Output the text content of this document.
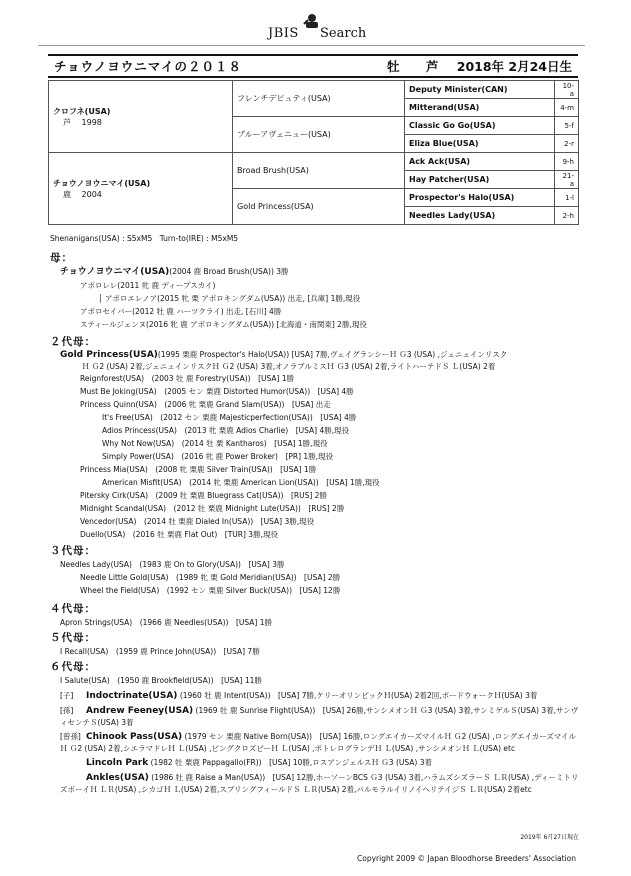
JBIS Search
チョウノヨウニマイの２０１８	牡 芦 2018年 2月24日生
クロフネ(USA)
芦　 1998	フレンチデピュティ(USA)	Deputy Minister(CAN)	10-a
		Mitterand(USA)	4-m
	ブルーアヴェニュー(USA)	Classic Go Go(USA)	5-f
		Eliza Blue(USA)	2-r
チョウノヨウニマイ(USA)
鹿　 2004	Broad Brush(USA)	Ack Ack(USA)	9-h
		Hay Patcher(USA)	21-a
	Gold Princess(USA)	Prospector's Halo(USA)	1-l
		Needles Lady(USA)	2-h
Shenanigans(USA) : S5xM5　Turn-to(IRE) : M5xM5
母：
チョウノヨウニマイ(USA)(2004 鹿 Broad Brush(USA)) 3勝
アポロレレ(2011 牝 鹿 ディープスカイ)
│ アポロエレノア(2015 牝 栗 アポロキングダム(USA)) 出走, [兵庫] 1勝,現役
アポロセイバー(2012 牡 鹿 ハーツクライ) 出走, [石川] 4勝
スティールジェンヌ(2016 牝 鹿 アポロキングダム(USA)) [北海道・南関東] 2勝,現役
２代母：
Gold Princess(USA)(1995 栗鹿 Prospector's Halo(USA)) [USA] 7勝,ヴェイグランシーＨ Ｇ3 (USA) ,ジェニュインリスク
Ｈ Ｇ2 (USA) 2着,ジェニュインリスクＨ Ｇ2 (USA) 3着,オノラブルミスＨ Ｇ3 (USA) 2着,ライトハーテドＳ Ｌ(USA) 2着
Reignforest(USA)　(2003 牡 鹿 Forestry(USA))　[USA] 1勝
Must Be Joking(USA)　(2005 セン 栗鹿 Distorted Humor(USA))　[USA] 4勝
Princess Quinn(USA)　(2006 牝 栗鹿 Grand Slam(USA))　[USA] 出走
It's Free(USA)　(2012 セン 栗鹿 Majesticperfection(USA))　[USA] 4勝
Adios Princess(USA)　(2013 牝 栗鹿 Adios Charlie)　[USA] 4勝,現役
Why Not Now(USA)　(2014 牡 栗 Kantharos)　[USA] 1勝,現役
Simply Power(USA)　(2016 牝 鹿 Power Broker)　[PR] 1勝,現役
Princess Mia(USA)　(2008 牝 栗鹿 Silver Train(USA))　[USA] 1勝
American Misfit(USA)　(2014 牝 栗鹿 American Lion(USA))　[USA] 1勝,現役
Pitersky Cirk(USA)　(2009 牡 栗鹿 Bluegrass Cat(USA))　[RUS] 2勝
Midnight Scandal(USA)　(2012 牡 栗鹿 Midnight Lute(USA))　[RUS] 2勝
Vencedor(USA)　(2014 牡 栗鹿 Dialed In(USA))　[USA] 3勝,現役
Duello(USA)　(2016 牡 栗鹿 Flat Out)　[TUR] 3勝,現役
３代母：
Needles Lady(USA)　(1983 鹿 On to Glory(USA))　[USA] 3勝
Needle Little Gold(USA)　(1989 牝 栗 Gold Meridian(USA))　[USA] 2勝
Wheel the Field(USA)　(1992 セン 栗鹿 Silver Buck(USA))　[USA] 12勝
４代母：
Apron Strings(USA)　(1966 鹿 Needles(USA))　[USA] 1勝
５代母：
I Recall(USA)　(1959 鹿 Prince John(USA))　[USA] 7勝
６代母：
I Salute(USA)　(1950 鹿 Brookfield(USA))　[USA] 11勝
[子] Indoctrinate(USA) (1960 牡 鹿 Intent(USA))　[USA] 7勝,ケリーオリンピックＨ(USA) 2着2回,ボードウォークＨ(USA) 3着
[孫] Andrew Feeney(USA) (1969 牡 鹿 Sunrise Flight(USA))　[USA] 26勝,サンシメオンＨ Ｇ3 (USA) 3着,サンミゲルＳ(USA) 3着,サンヴィセンテＳ(USA) 3着
[曾孫] Chinook Pass(USA) (1979 セン 栗鹿 Native Born(USA))　[USA] 16勝,ロングエイカーズマイルＨ Ｇ2 (USA) ,ロングエイカーズマイルＨ Ｇ2 (USA) 2着,シエラマドレＨ Ｌ(USA) ,ビングクロズビーＨ Ｌ(USA) ,ポトレログランデＨ Ｌ(USA) ,サンシメオンＨ Ｌ(USA) etc
Lincoln Park (1982 牡 栗鹿 Pappagallo(FR))　[USA] 10勝,ロスアンジェルスＨ Ｇ3 (USA) 3着
Ankles(USA) (1986 牡 鹿 Raise a Man(USA))　[USA] 12勝,ホーソーンBCS Ｇ3 (USA) 3着,ハラムズシズラーＳ ＬＲ(USA) ,ディーミトリズボーイＨ ＬＲ(USA) ,シカゴＨ Ｌ(USA) 2着,スプリングフィールドＳ ＬＲ(USA) 2着,パルモラルイリノイヘリテイジＳ ＬＲ(USA) 2着etc
2019年 6月27日現在
Copyright 2009 © Japan Bloodhorse Breeders' Association
